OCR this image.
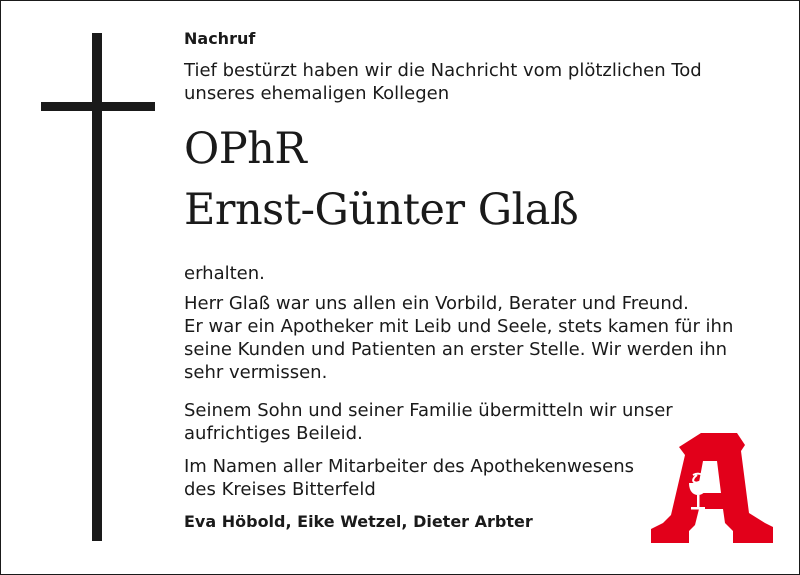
Nachruf
Tief bestürzt haben wir die Nachricht vom plötzlichen Tod
unseres ehemaligen Kollegen
OPhR
Ernst-Günter Glaß
erhalten.
Herr Glaß war uns allen ein Vorbild, Berater und Freund.
Er war ein Apotheker mit Leib und Seele, stets kamen für ihn
seine Kunden und Patienten an erster Stelle. Wir werden ihn
sehr vermissen.
Seinem Sohn und seiner Familie übermitteln wir unser
aufrichtiges Beileid.
Im Namen aller Mitarbeiter des Apothekenwesens
des Kreises Bitterfeld
Eva Höbold, Eike Wetzel, Dieter Arbter
